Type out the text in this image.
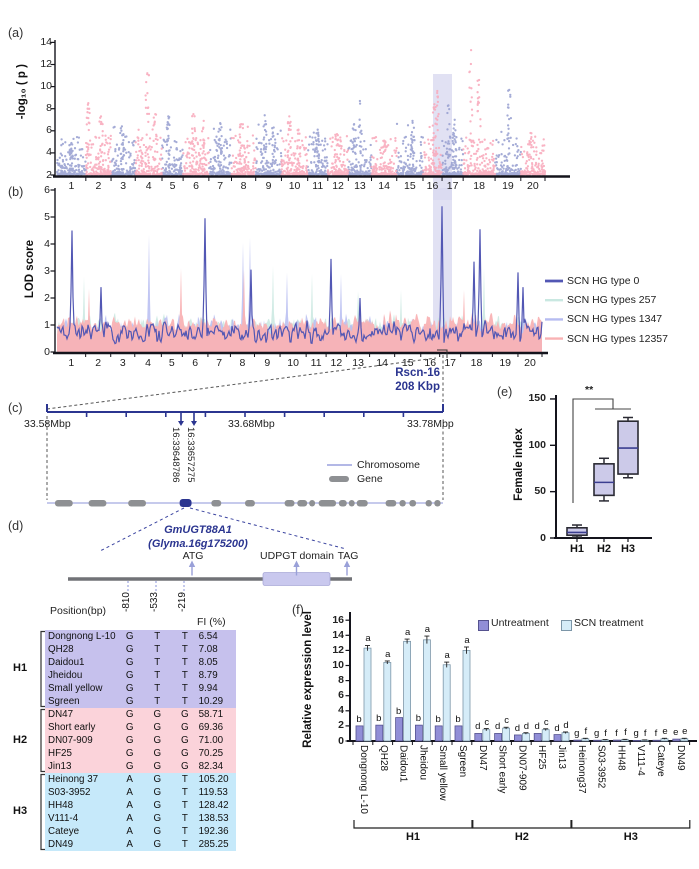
(a)
(b)
(c)
(d)
(e)
(f)
-log₁₀ ( p )
LOD score
Female index
Relative expression level
Rscn-16
208 Kbp
33.58Mbp	33.68Mbp	33.78Mbp
16:33648786 16:33657275	Chromosome
Gene
GmUGT88A1
(Glyma.16g175200)
ATG	UDPGT domain TAG
Position(bp) -810 -533 -219
FI (%)
**
2
4
6
8
10
12
14
1	2	3	4	5	6	7	8	9	10	11 12 13	14	15	16 17	18	19	20
0
1
2
3
4
5
6
1	2	3	4	5	6	7	8	9	10	11 12 13	14	15	16 17	18	19	20
SCN HG type 0
SCN HG types 257
SCN HG types 1347
SCN HG types 12357
Dongnong L-10	G	T	T	6.54
QH28	G	T	T	7.08
Daidou1	G	T	T	8.05
Jheidou	G	T	T	8.79
Small yellow	G	T	T	9.94
Sgreen	G	T	T	10.29
H1
DN47	G	G	G	58.71
Short early	G	G	G	69.36
DN07-909	G	G	G	71.00
HF25	G	G	G	70.25
Jin13	G	G	G	82.34
H2
Heinong 37	A	G	T	105.20
S03-3952	A	G	T	119.53
HH48	A	G	T	128.42
V111-4	A	G	T	138.53
Cateye	A	G	T	192.36
DN49	A	G	T	285.25
H3
0
50
100
150
H1 H2 H3
0
2
4
6
8
10
12
14
16
b
a
Dongnong L-10
b
a
QH28
b
a
Daidou1
b
a
Jheidou
b
a
Small yellow
b
a
Sgreen
d c
DN47
d
c
Short early
d d
DN07-909
d c
HF25
d d
Jin13
g f
Heinong37
g f
S03-3952
f f
HH48
g f
V111-4
f e
Cateye
e e
DN49
H1	H2	H3
Untreatment SCN treatment
